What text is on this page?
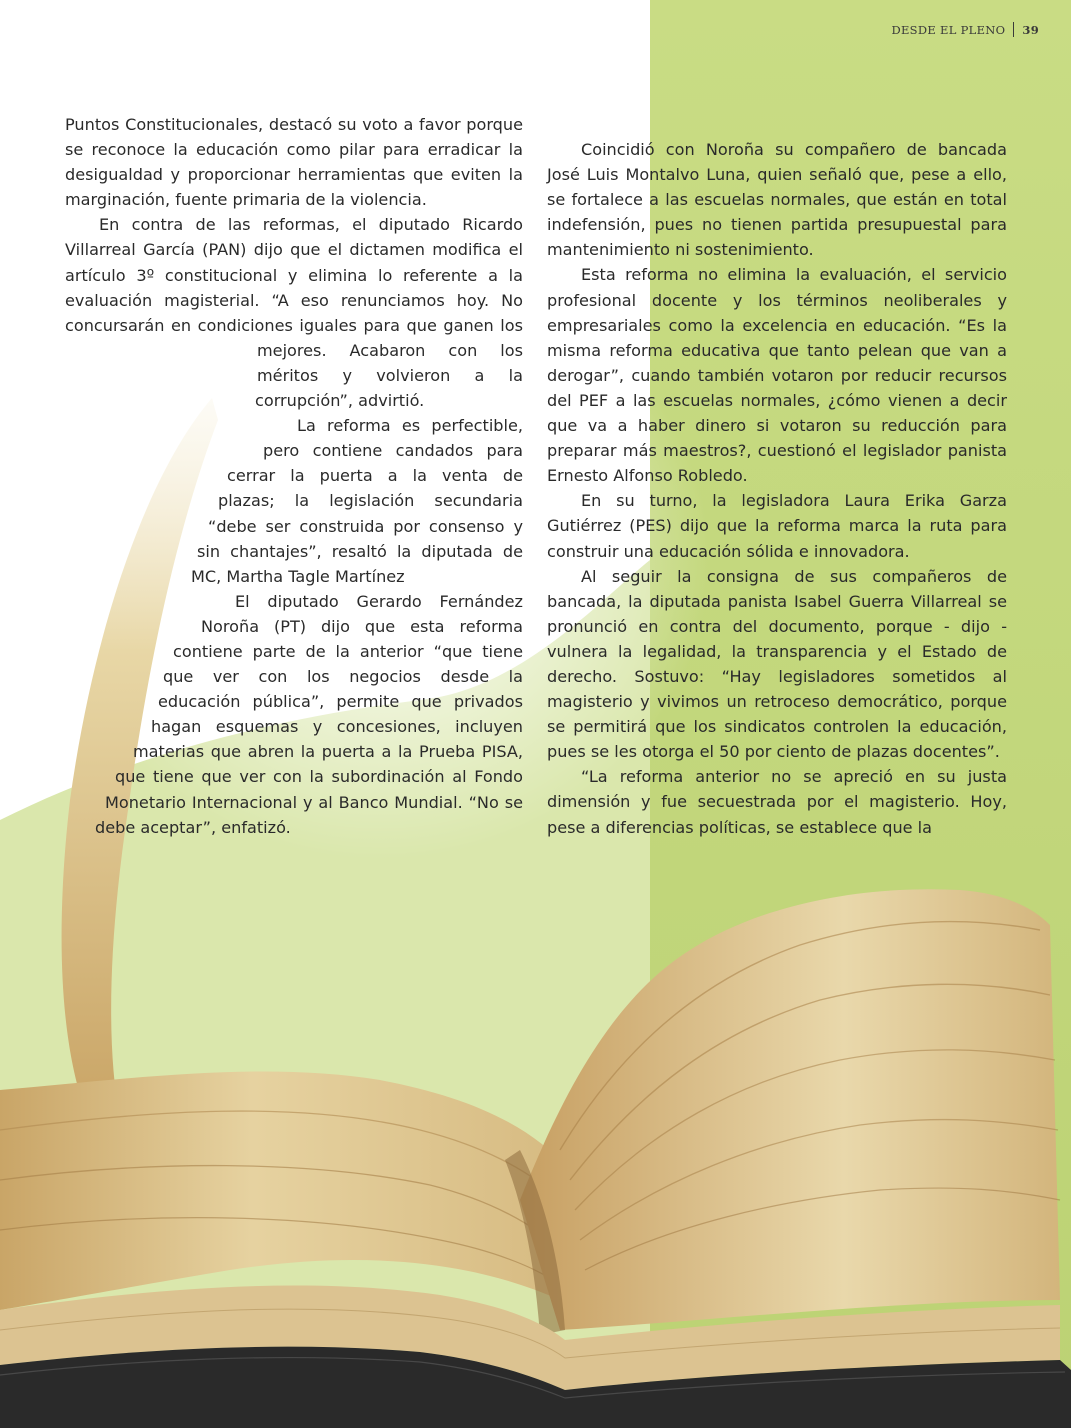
DESDE EL PLENO 39

Puntos Constitucionales, destacó su voto a favor porque se reconoce la educación como pilar para erradicar la desigualdad y proporcionar herramientas que eviten la marginación, fuente primaria de la violencia.

En contra de las reformas, el diputado Ricardo Villarreal García (PAN) dijo que el dictamen modifica el artículo 3º constitucional y elimina lo referente a la evaluación magisterial. “A eso renunciamos hoy. No concursarán en condiciones iguales para que ganen los mejores. Acabaron con los méritos y volvieron a la corrupción”, advirtió.

La reforma es perfectible, pero contiene candados para cerrar la puerta a la venta de plazas; la legislación secundaria “debe ser construida por consenso y sin chantajes”, resaltó la diputada de MC, Martha Tagle Martínez

El diputado Gerardo Fernández Noroña (PT) dijo que esta reforma contiene parte de la anterior “que tiene que ver con los negocios desde la educación pública”, permite que privados hagan esquemas y concesiones, incluyen materias que abren la puerta a la Prueba PISA, que tiene que ver con la subordinación al Fondo Monetario Internacional y al Banco Mundial. “No se debe aceptar”, enfatizó.

Coincidió con Noroña su compañero de bancada José Luis Montalvo Luna, quien señaló que, pese a ello, se fortalece a las escuelas normales, que están en total indefensión, pues no tienen partida presupuestal para mantenimiento ni sostenimiento.

Esta reforma no elimina la evaluación, el servicio profesional docente y los términos neoliberales y empresariales como la excelencia en educación. “Es la misma reforma educativa que tanto pelean que van a derogar”, cuando también votaron por reducir recursos del PEF a las escuelas normales, ¿cómo vienen a decir que va a haber dinero si votaron su reducción para preparar más maestros?, cuestionó el legislador panista Ernesto Alfonso Robledo.

En su turno, la legisladora Laura Erika Garza Gutiérrez (PES) dijo que la reforma marca la ruta para construir una educación sólida e innovadora.

Al seguir la consigna de sus compañeros de bancada, la diputada panista Isabel Guerra Villarreal se pronunció en contra del documento, porque - dijo - vulnera la legalidad, la transparencia y el Estado de derecho. Sostuvo: “Hay legisladores sometidos al magisterio y vivimos un retroceso democrático, porque se permitirá que los sindicatos controlen la educación, pues se les otorga el 50 por ciento de plazas docentes”.

“La reforma anterior no se apreció en su justa dimensión y fue secuestrada por el magisterio. Hoy, pese a diferencias políticas, se establece que la
